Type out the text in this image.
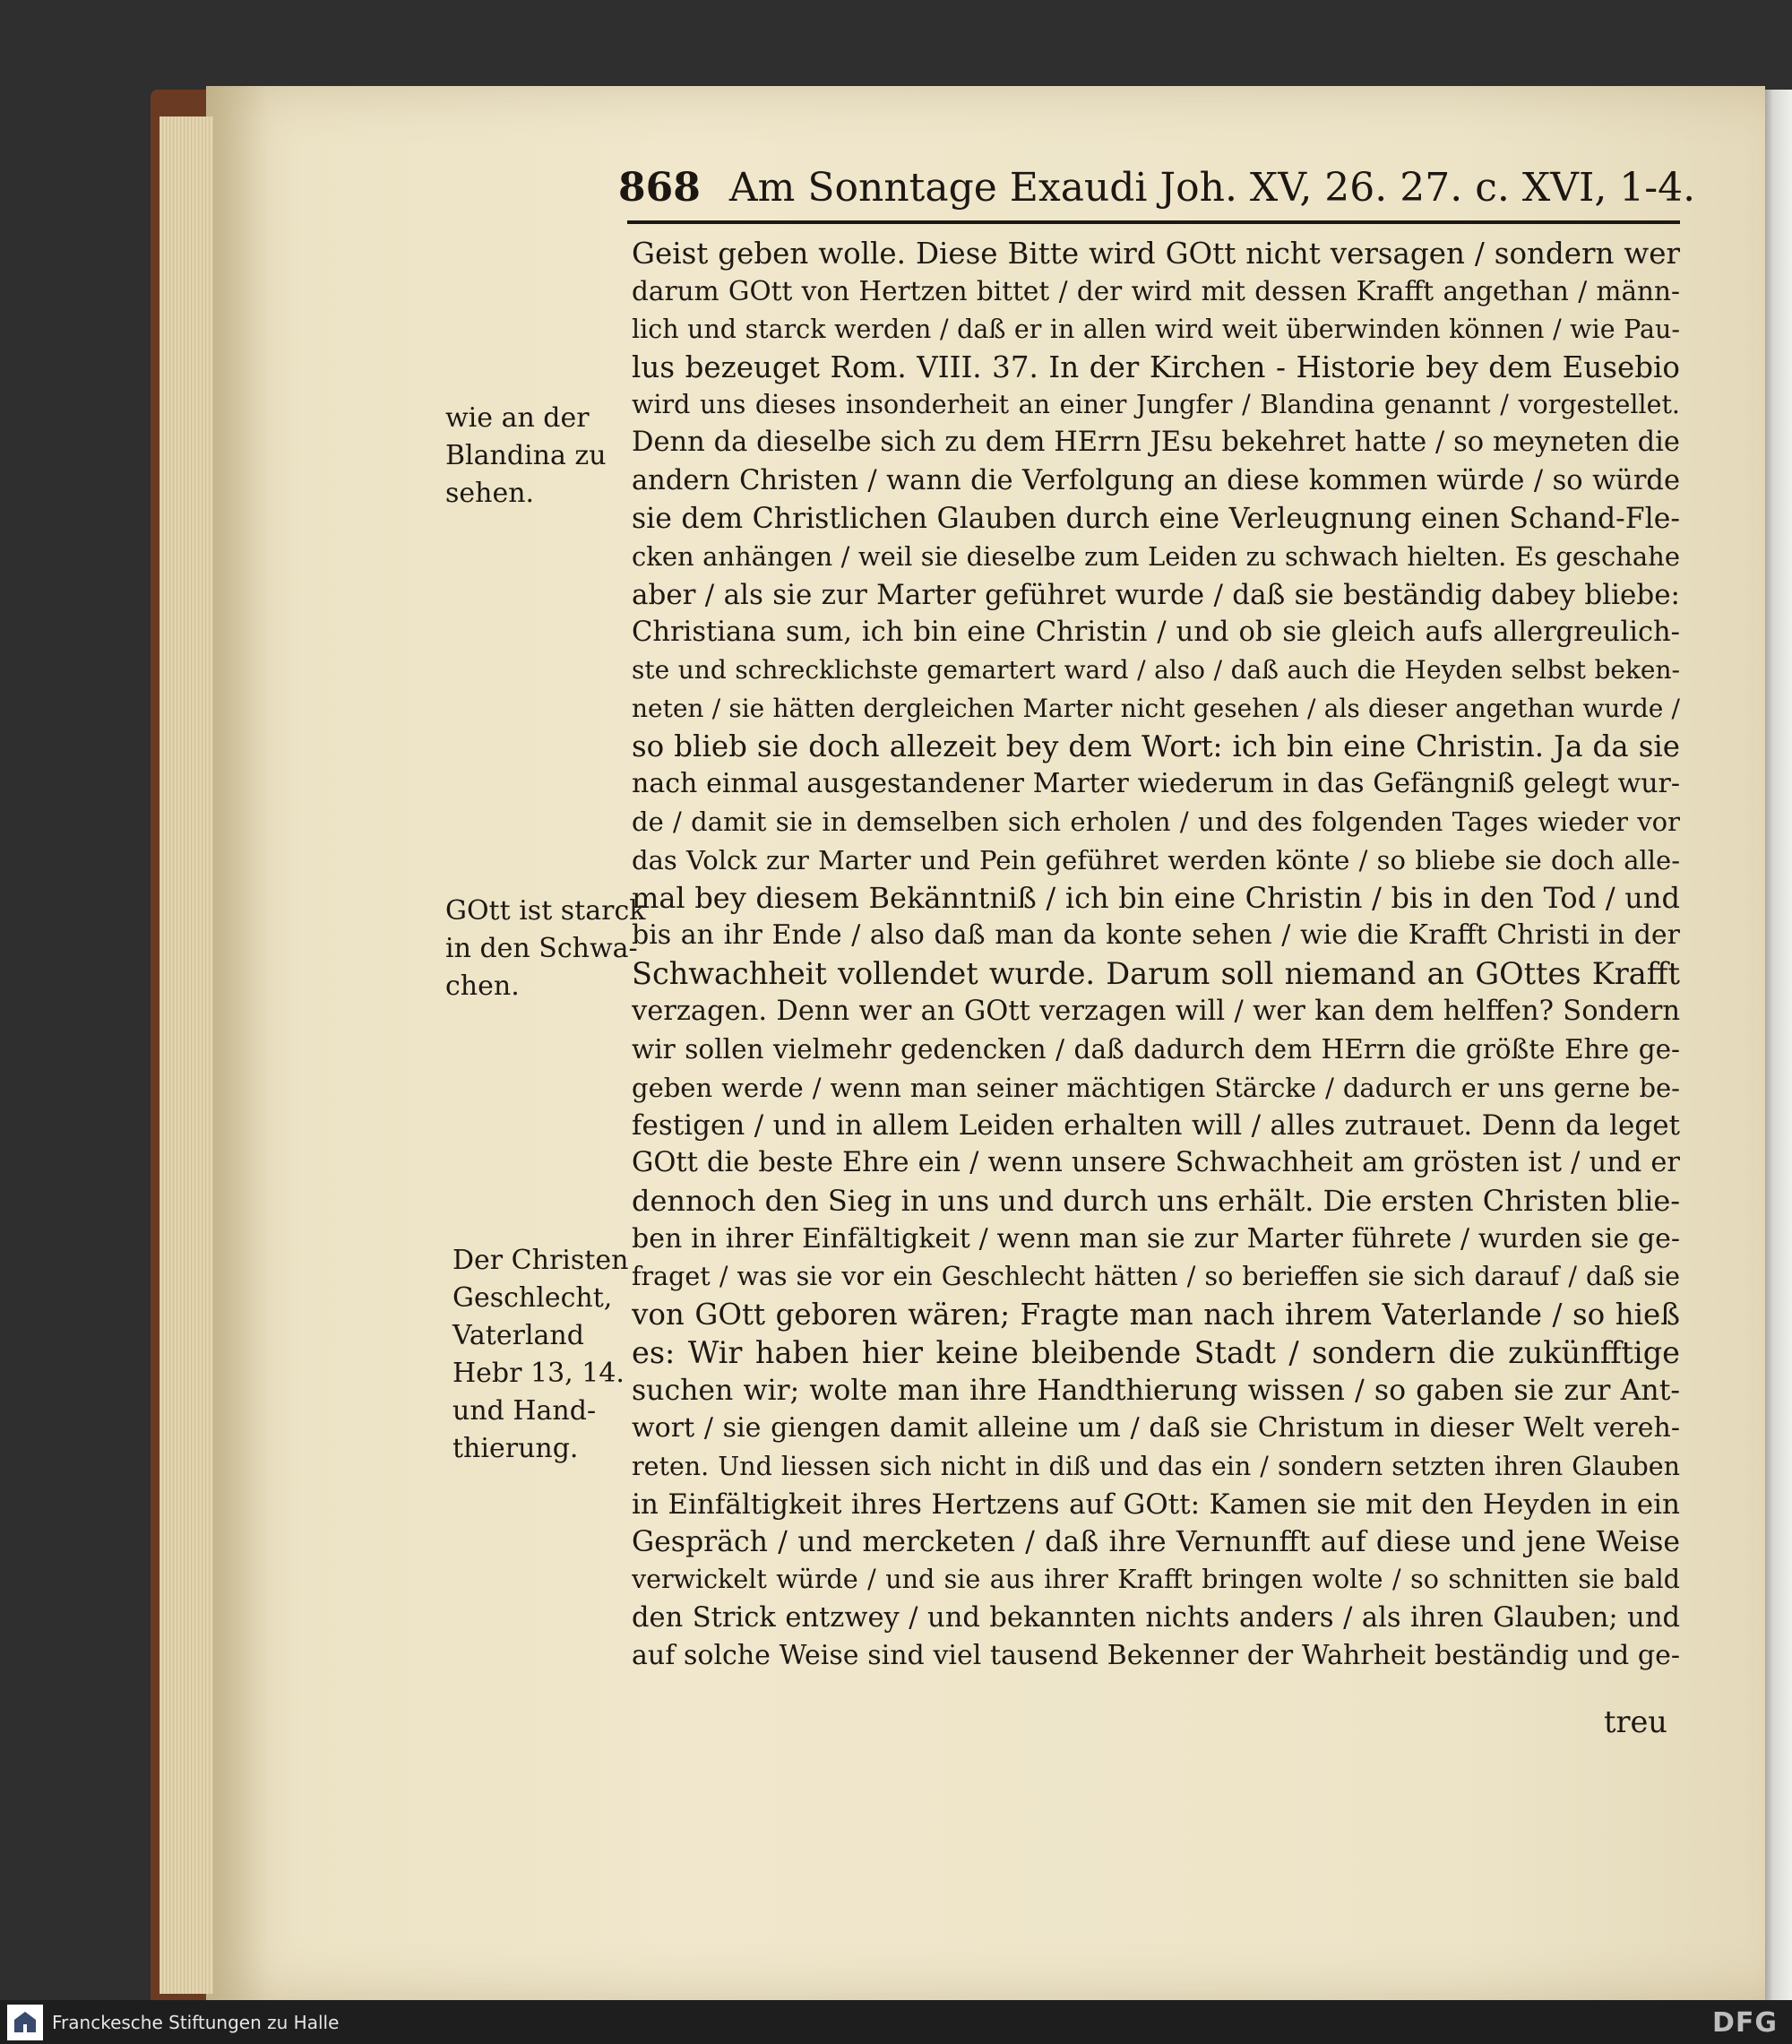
868 Am Sonntage Exaudi Joh. XV, 26. 27. c. XVI, 1-4.
wie an der
Blandina zu
sehen.
GOtt ist starck
in den Schwa-
chen.
Der Christen
Geschlecht,
Vaterland
Hebr 13, 14.
und Hand-
thierung.
Geist geben wolle. Diese Bitte wird GOtt nicht versagen / sondern wer
darum GOtt von Hertzen bittet / der wird mit dessen Krafft angethan / männ-
lich und starck werden / daß er in allen wird weit überwinden können / wie Pau-
lus bezeuget Rom. VIII. 37. In der Kirchen - Historie bey dem Eusebio
wird uns dieses insonderheit an einer Jungfer / Blandina genannt / vorgestellet.
Denn da dieselbe sich zu dem HErrn JEsu bekehret hatte / so meyneten die
andern Christen / wann die Verfolgung an diese kommen würde / so würde
sie dem Christlichen Glauben durch eine Verleugnung einen Schand-Fle-
cken anhängen / weil sie dieselbe zum Leiden zu schwach hielten. Es geschahe
aber / als sie zur Marter geführet wurde / daß sie beständig dabey bliebe:
Christiana sum, ich bin eine Christin / und ob sie gleich aufs allergreulich-
ste und schrecklichste gemartert ward / also / daß auch die Heyden selbst beken-
neten / sie hätten dergleichen Marter nicht gesehen / als dieser angethan wurde /
so blieb sie doch allezeit bey dem Wort: ich bin eine Christin. Ja da sie
nach einmal ausgestandener Marter wiederum in das Gefängniß gelegt wur-
de / damit sie in demselben sich erholen / und des folgenden Tages wieder vor
das Volck zur Marter und Pein geführet werden könte / so bliebe sie doch alle-
mal bey diesem Bekänntniß / ich bin eine Christin / bis in den Tod / und
bis an ihr Ende / also daß man da konte sehen / wie die Krafft Christi in der
Schwachheit vollendet wurde. Darum soll niemand an GOttes Krafft
verzagen. Denn wer an GOtt verzagen will / wer kan dem helffen? Sondern
wir sollen vielmehr gedencken / daß dadurch dem HErrn die größte Ehre ge-
geben werde / wenn man seiner mächtigen Stärcke / dadurch er uns gerne be-
festigen / und in allem Leiden erhalten will / alles zutrauet. Denn da leget
GOtt die beste Ehre ein / wenn unsere Schwachheit am grösten ist / und er
dennoch den Sieg in uns und durch uns erhält. Die ersten Christen blie-
ben in ihrer Einfältigkeit / wenn man sie zur Marter führete / wurden sie ge-
fraget / was sie vor ein Geschlecht hätten / so berieffen sie sich darauf / daß sie
von GOtt geboren wären; Fragte man nach ihrem Vaterlande / so hieß
es: Wir haben hier keine bleibende Stadt / sondern die zukünfftige
suchen wir; wolte man ihre Handthierung wissen / so gaben sie zur Ant-
wort / sie giengen damit alleine um / daß sie Christum in dieser Welt vereh-
reten. Und liessen sich nicht in diß und das ein / sondern setzten ihren Glauben
in Einfältigkeit ihres Hertzens auf GOtt: Kamen sie mit den Heyden in ein
Gespräch / und mercketen / daß ihre Vernunfft auf diese und jene Weise
verwickelt würde / und sie aus ihrer Krafft bringen wolte / so schnitten sie bald
den Strick entzwey / und bekannten nichts anders / als ihren Glauben; und
auf solche Weise sind viel tausend Bekenner der Wahrheit beständig und ge-
treu
Franckesche Stiftungen zu Halle	DFG
